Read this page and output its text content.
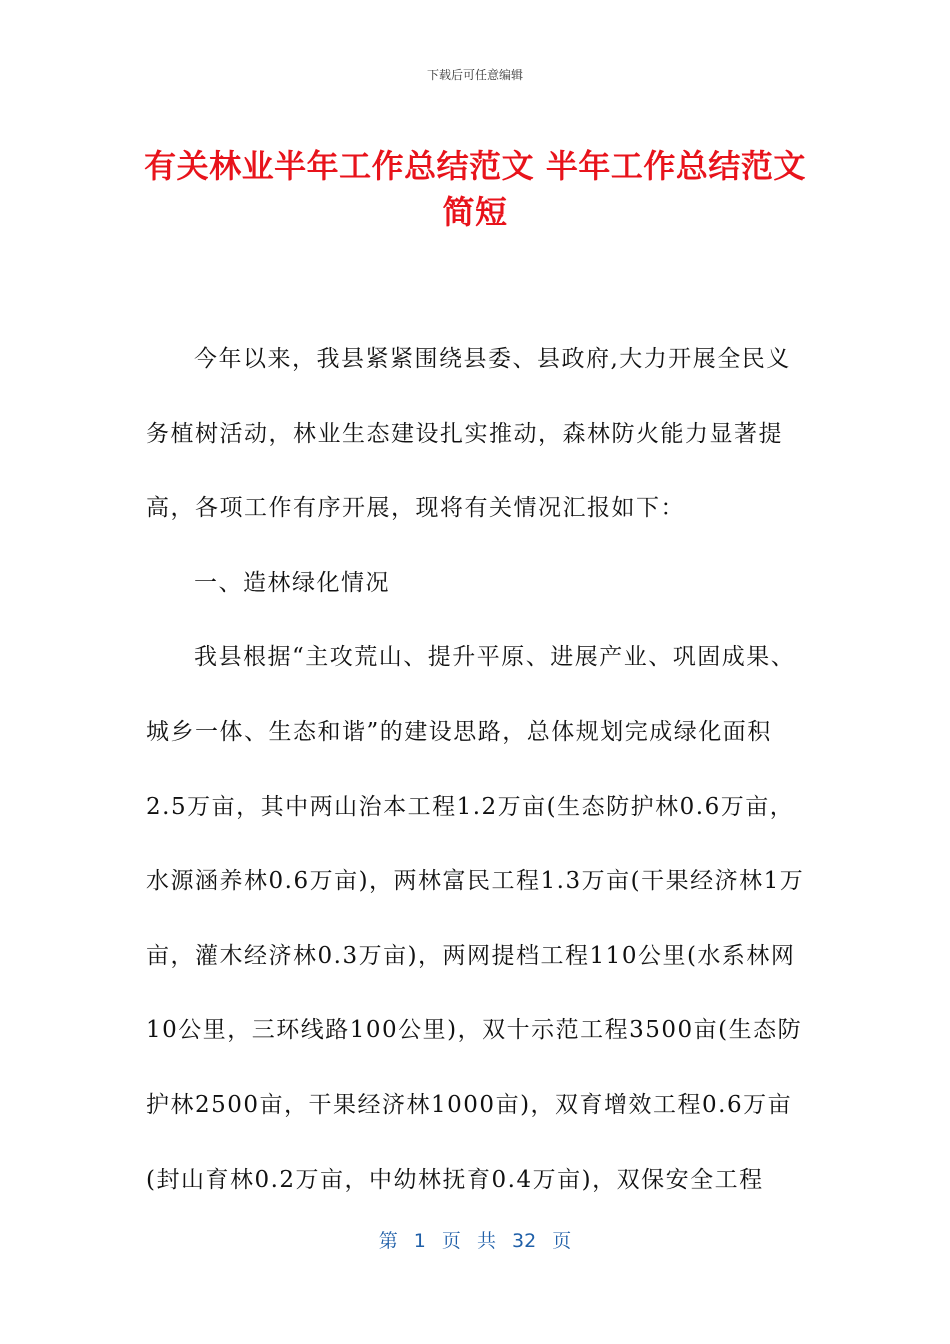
下载后可任意编辑
有关林业半年工作总结范文 半年工作总结范文简短

今年以来，我县紧紧围绕县委、县政府,大力开展全民义务植树活动，林业生态建设扎实推动，森林防火能力显著提高，各项工作有序开展，现将有关情况汇报如下：

一、造林绿化情况

我县根据“主攻荒山、提升平原、进展产业、巩固成果、城乡一体、生态和谐”的建设思路，总体规划完成绿化面积2.5万亩，其中两山治本工程1.2万亩(生态防护林0.6万亩，水源涵养林0.6万亩)，两林富民工程1.3万亩(干果经济林1万亩，灌木经济林0.3万亩)，两网提档工程110公里(水系林网10公里，三环线路100公里)，双十示范工程3500亩(生态防护林2500亩，干果经济林1000亩)，双育增效工程0.6万亩(封山育林0.2万亩，中幼林抚育0.4万亩)，双保安全工程

第 1 页 共 32 页
